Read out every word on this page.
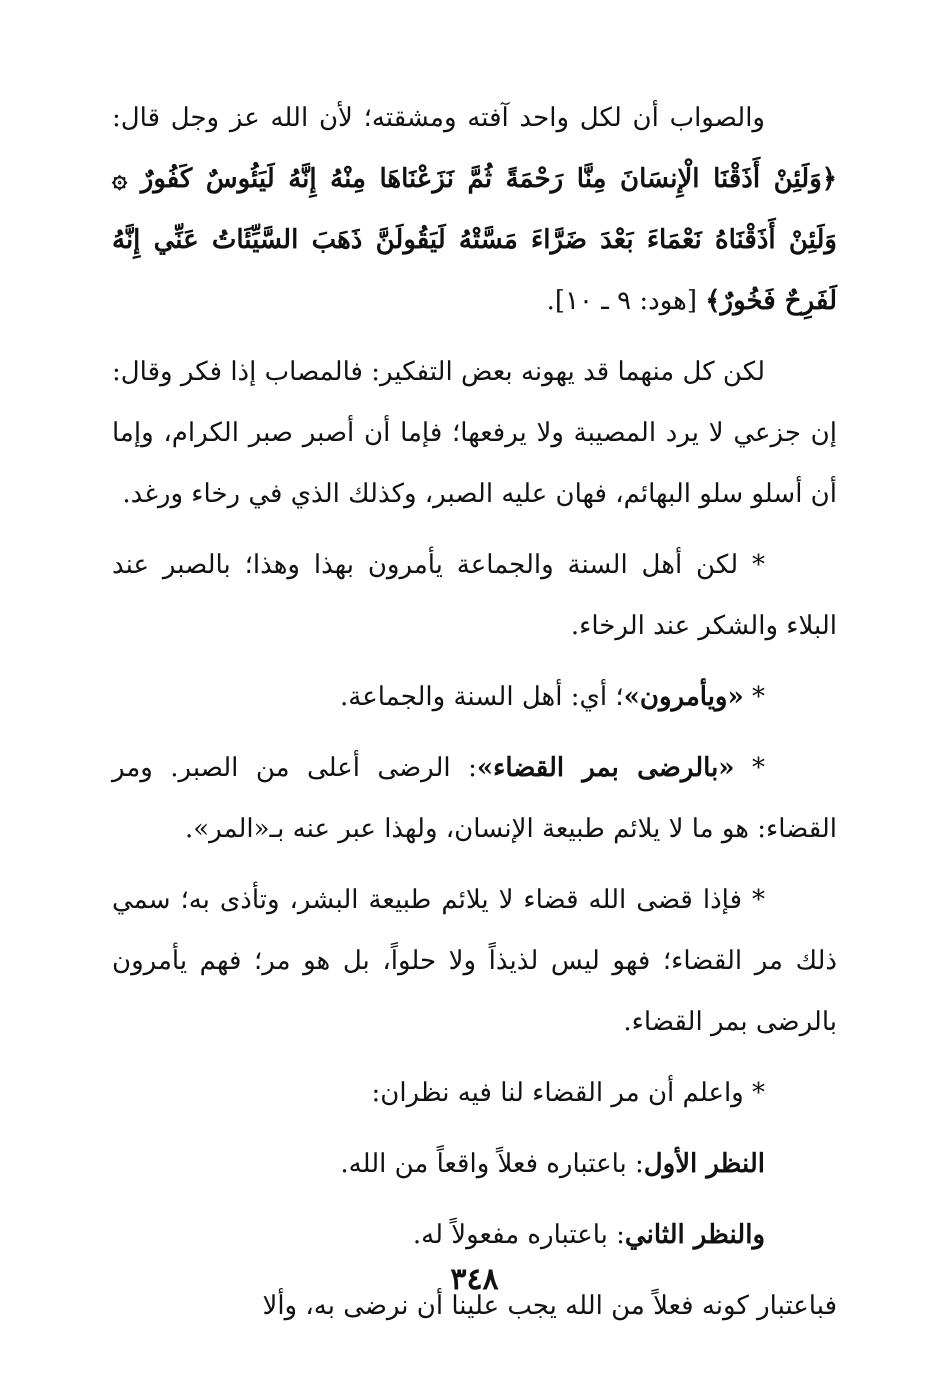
والصواب أن لكل واحد آفته ومشقته؛ لأن الله عز وجل قال: ﴿وَلَئِنْ أَذَقْنَا الْإِنسَانَ مِنَّا رَحْمَةً ثُمَّ نَزَعْنَاهَا مِنْهُ إِنَّهُ لَيَئُوسٌ كَفُورٌ ۞ وَلَئِنْ أَذَقْنَاهُ نَعْمَاءَ بَعْدَ ضَرَّاءَ مَسَّتْهُ لَيَقُولَنَّ ذَهَبَ السَّيِّئَاتُ عَنِّي إِنَّهُ لَفَرِحٌ فَخُورٌ﴾ [هود: ٩ ـ ١٠].

لكن كل منهما قد يهونه بعض التفكير: فالمصاب إذا فكر وقال: إن جزعي لا يرد المصيبة ولا يرفعها؛ فإما أن أصبر صبر الكرام، وإما أن أسلو سلو البهائم، فهان عليه الصبر، وكذلك الذي في رخاء ورغد.

* لكن أهل السنة والجماعة يأمرون بهذا وهذا؛ بالصبر عند البلاء والشكر عند الرخاء.

* «ويأمرون»؛ أي: أهل السنة والجماعة.

* «بالرضى بمر القضاء»: الرضى أعلى من الصبر. ومر القضاء: هو ما لا يلائم طبيعة الإنسان، ولهذا عبر عنه بـ«المر».

* فإذا قضى الله قضاء لا يلائم طبيعة البشر، وتأذى به؛ سمي ذلك مر القضاء؛ فهو ليس لذيذاً ولا حلواً، بل هو مر؛ فهم يأمرون بالرضى بمر القضاء.

* واعلم أن مر القضاء لنا فيه نظران:

النظر الأول: باعتباره فعلاً واقعاً من الله.

والنظر الثاني: باعتباره مفعولاً له.

فباعتبار كونه فعلاً من الله يجب علينا أن نرضى به، وألا

٣٤٨
